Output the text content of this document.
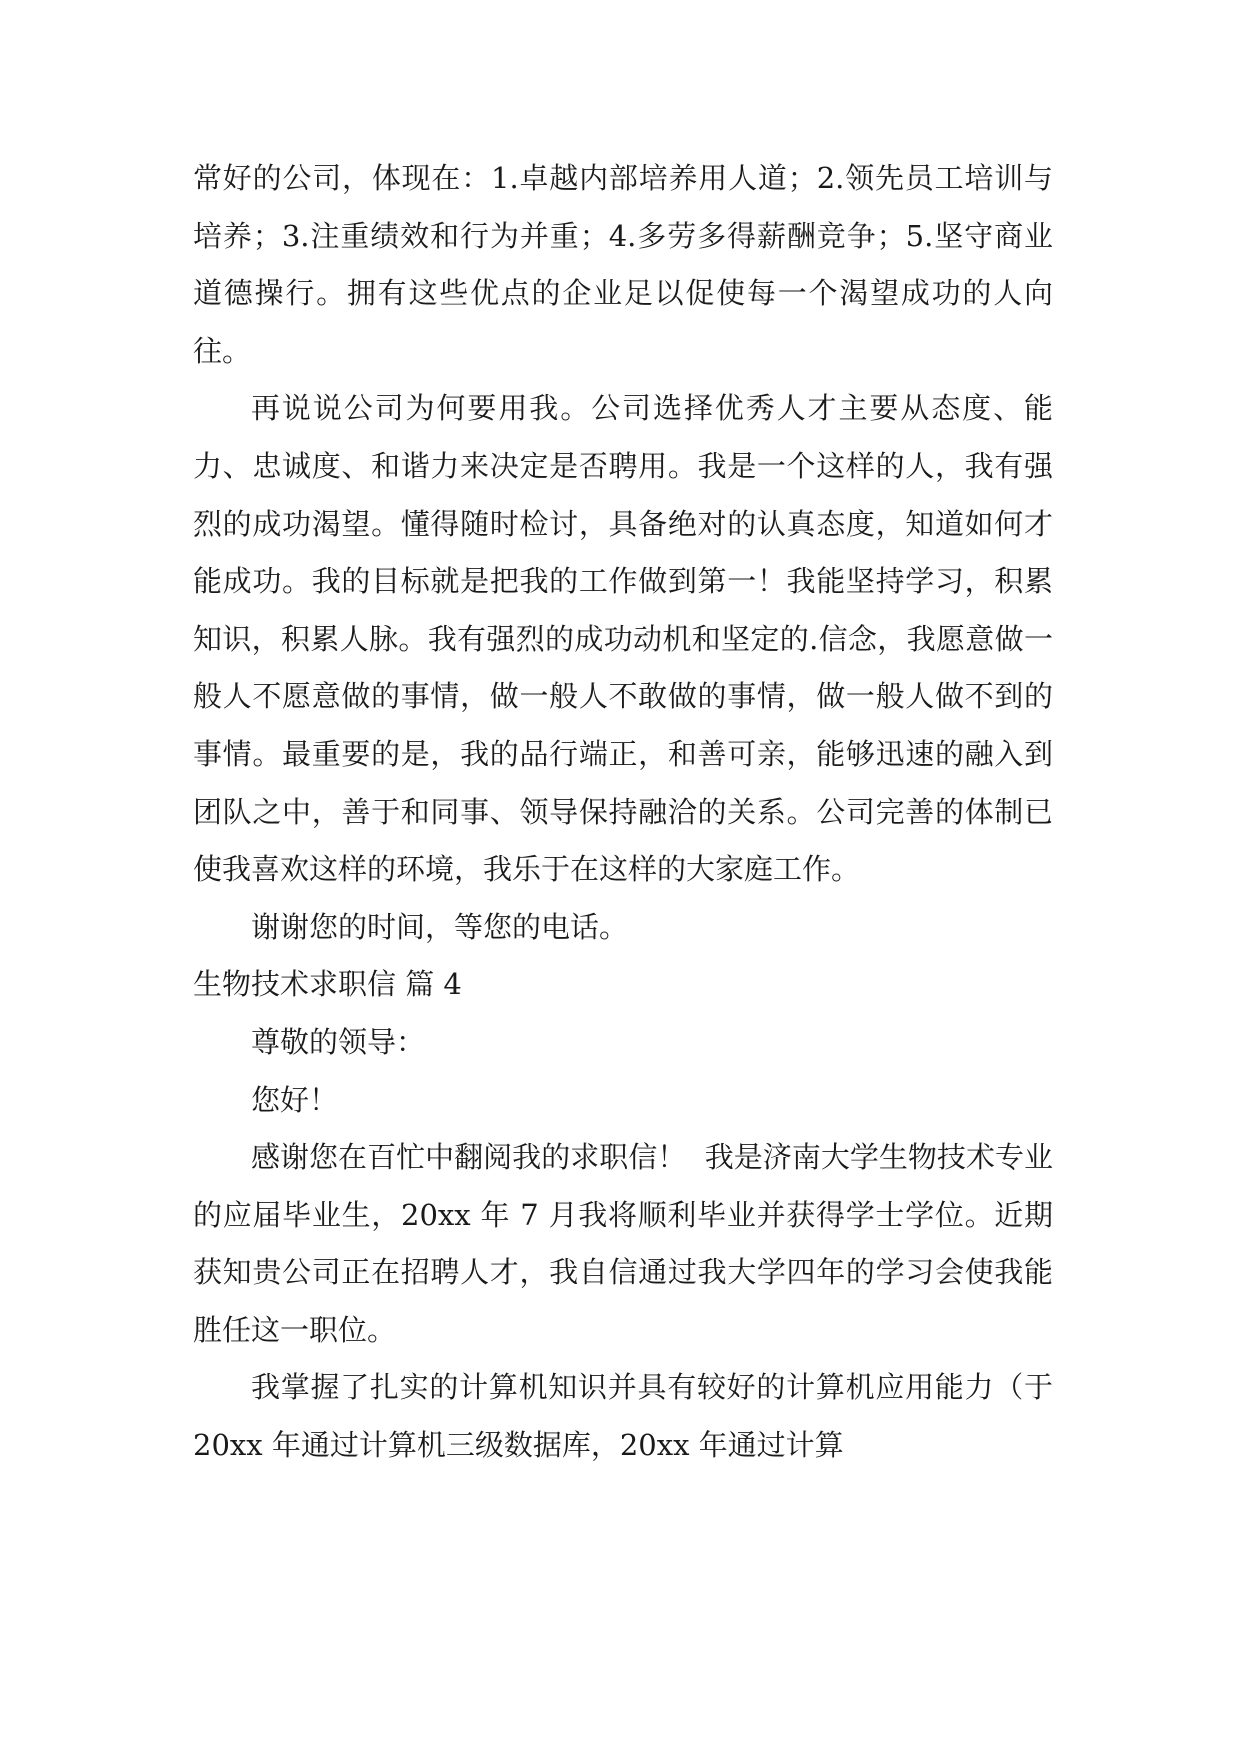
常好的公司，体现在：1.卓越内部培养用人道；2.领先员工培训与培养；3.注重绩效和行为并重；4.多劳多得薪酬竞争；5.坚守商业道德操行。拥有这些优点的企业足以促使每一个渴望成功的人向往。

再说说公司为何要用我。公司选择优秀人才主要从态度、能力、忠诚度、和谐力来决定是否聘用。我是一个这样的人，我有强烈的成功渴望。懂得随时检讨，具备绝对的认真态度，知道如何才能成功。我的目标就是把我的工作做到第一！我能坚持学习，积累知识，积累人脉。我有强烈的成功动机和坚定的.信念，我愿意做一般人不愿意做的事情，做一般人不敢做的事情，做一般人做不到的事情。最重要的是，我的品行端正，和善可亲，能够迅速的融入到团队之中，善于和同事、领导保持融洽的关系。公司完善的体制已使我喜欢这样的环境，我乐于在这样的大家庭工作。

谢谢您的时间，等您的电话。

生物技术求职信 篇 4

尊敬的领导：

您好！

感谢您在百忙中翻阅我的求职信！  我是济南大学生物技术专业的应届毕业生，20xx 年 7 月我将顺利毕业并获得学士学位。近期获知贵公司正在招聘人才，我自信通过我大学四年的学习会使我能胜任这一职位。

我掌握了扎实的计算机知识并具有较好的计算机应用能力（于 20xx 年通过计算机三级数据库，20xx 年通过计算
